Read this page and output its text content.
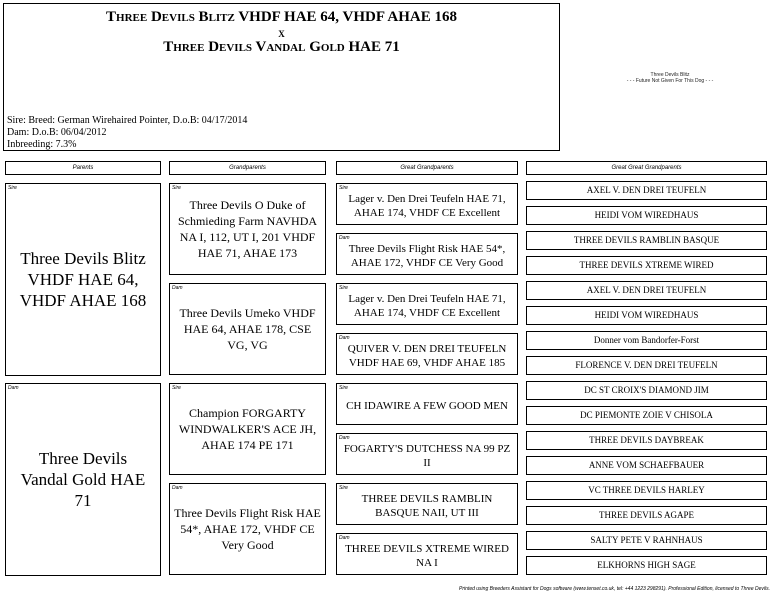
Three Devils Blitz VHDF HAE 64, VHDF AHAE 168
x
Three Devils Vandal Gold HAE 71
Sire: Breed: German Wirehaired Pointer, D.o.B: 04/17/2014
Dam: D.o.B: 06/04/2012
Inbreeding: 7.3%
Three Devils Blitz
- - - Future Not Given For This Dog - - -
Parents	Grandparents	Great Grandparents	Great Great Grandparents
Sire
Three Devils Blitz VHDF HAE 64, VHDF AHAE 168
Dam
Three Devils Vandal Gold HAE 71
Sire
Three Devils O Duke of Schmieding Farm NAVHDA NA I, 112, UT I, 201 VHDF HAE 71, AHAE 173
Dam
Three Devils Umeko VHDF HAE 64, AHAE 178, CSE VG, VG
Sire
Champion FORGARTY WINDWALKER'S ACE JH, AHAE 174 PE 171
Dam
Three Devils Flight Risk HAE 54*, AHAE 172, VHDF CE Very Good
Sire
Lager v. Den Drei Teufeln HAE 71, AHAE 174, VHDF CE Excellent
Dam
Three Devils Flight Risk HAE 54*, AHAE 172, VHDF CE Very Good
Sire
Lager v. Den Drei Teufeln HAE 71, AHAE 174, VHDF CE Excellent
Dam
QUIVER V. DEN DREI TEUFELN VHDF HAE 69, VHDF AHAE 185
Sire
CH IDAWIRE A FEW GOOD MEN
Dam
FOGARTY'S DUTCHESS NA 99 PZ II
Sire
THREE DEVILS RAMBLIN BASQUE NAII, UT III
Dam
THREE DEVILS XTREME WIRED NA I
AXEL V. DEN DREI TEUFELN
HEIDI VOM WIREDHAUS
THREE DEVILS RAMBLIN BASQUE
THREE DEVILS XTREME WIRED
AXEL V. DEN DREI TEUFELN
HEIDI VOM WIREDHAUS
Donner vom Bandorfer-Forst
FLORENCE V. DEN DREI TEUFELN
DC ST CROIX'S DIAMOND JIM
DC PIEMONTE ZOIE V CHISOLA
THREE DEVILS DAYBREAK
ANNE VOM SCHAEFBAUER
VC THREE DEVILS HARLEY
THREE DEVILS AGAPE
SALTY PETE V RAHNHAUS
ELKHORNS HIGH SAGE
Printed using Breeders Assistant for Dogs software (www.tenset.co.uk, tel: +44 1223 298291). Professional Edition, licensed to Three Devils.
